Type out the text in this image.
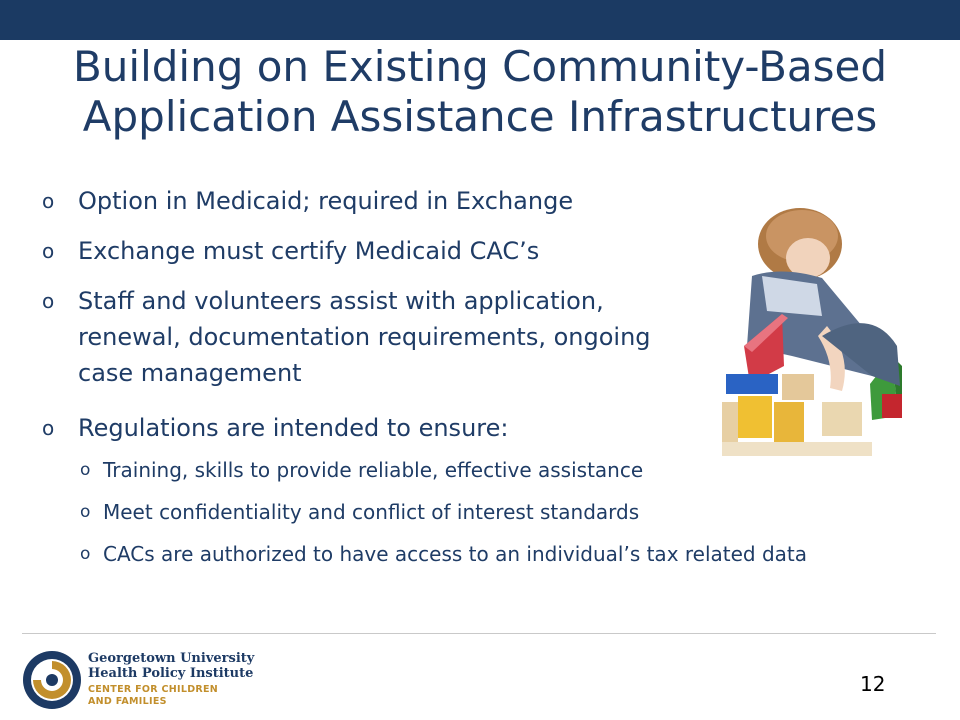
Building on Existing Community-Based Application Assistance Infrastructures
o Option in Medicaid; required in Exchange
o Exchange must certify Medicaid CAC’s
o Staff and volunteers assist with application, renewal, documentation requirements, ongoing case management
o Regulations are intended to ensure:
o Training, skills to provide reliable, effective assistance
o Meet confidentiality and conflict of interest standards
o CACs are authorized to have access to an individual’s tax related data
Georgetown University
Health Policy Institute
CENTER FOR CHILDREN
AND FAMILIES
12
